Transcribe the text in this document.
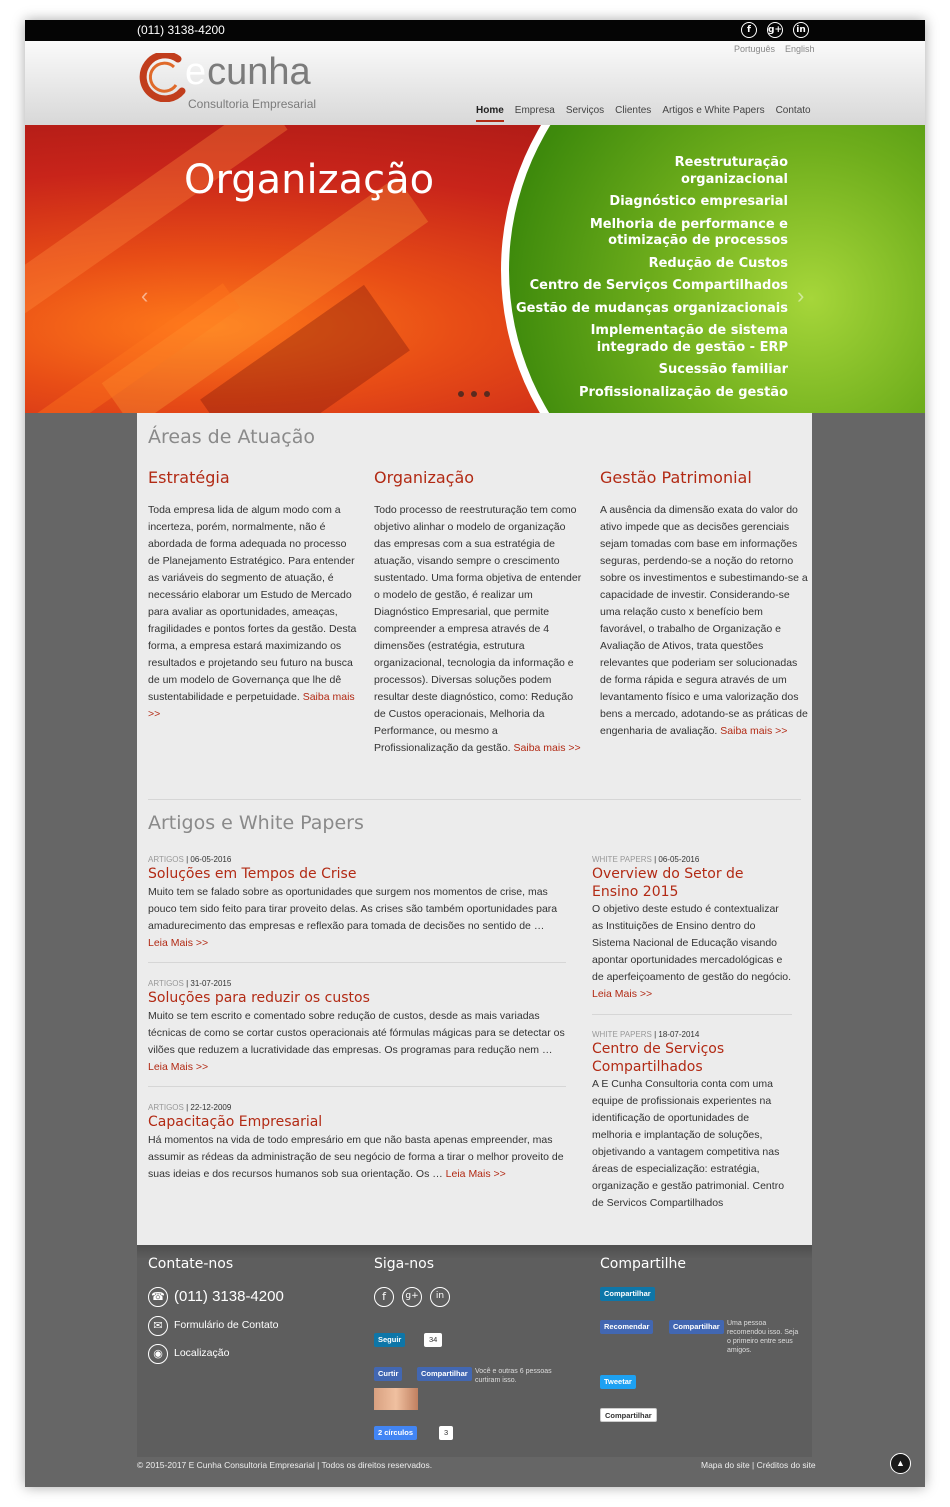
(011) 3138-4200	f	g+	in
Português English
ecunha
Consultoria Empresarial	Home Empresa Serviços Clientes Artigos e White Papers Contato
Organização	Reestruturação organizacional
Diagnóstico empresarial
Melhoria de performance e otimização de processos
Redução de Custos
Centro de Serviços Compartilhados
Gestão de mudanças organizacionais
Implementação de sistema integrado de gestão - ERP
Sucessão familiar
Profissionalização de gestão
‹	›
Áreas de Atuação
Estratégia

Toda empresa lida de algum modo com a incerteza, porém, normalmente, não é abordada de forma adequada no processo de Planejamento Estratégico. Para entender as variáveis do segmento de atuação, é necessário elaborar um Estudo de Mercado para avaliar as oportunidades, ameaças, fragilidades e pontos fortes da gestão. Desta forma, a empresa estará maximizando os resultados e projetando seu futuro na busca de um modelo de Governança que lhe dê sustentabilidade e perpetuidade. Saiba mais >>

Organização

Todo processo de reestruturação tem como objetivo alinhar o modelo de organização das empresas com a sua estratégia de atuação, visando sempre o crescimento sustentado. Uma forma objetiva de entender o modelo de gestão, é realizar um Diagnóstico Empresarial, que permite compreender a empresa através de 4 dimensões (estratégia, estrutura organizacional, tecnologia da informação e processos). Diversas soluções podem resultar deste diagnóstico, como: Redução de Custos operacionais, Melhoria da Performance, ou mesmo a Profissionalização da gestão. Saiba mais >>

Gestão Patrimonial

A ausência da dimensão exata do valor do ativo impede que as decisões gerenciais sejam tomadas com base em informações seguras, perdendo-se a noção do retorno sobre os investimentos e subestimando-se a capacidade de investir. Considerando-se uma relação custo x benefício bem favorável, o trabalho de Organização e Avaliação de Ativos, trata questões relevantes que poderiam ser solucionadas de forma rápida e segura através de um levantamento físico e uma valorização dos bens a mercado, adotando-se as práticas de engenharia de avaliação. Saiba mais >>

Artigos e White Papers
ARTIGOS | 06-05-2016
Soluções em Tempos de Crise

Muito tem se falado sobre as oportunidades que surgem nos momentos de crise, mas pouco tem sido feito para tirar proveito delas. As crises são também oportunidades para amadurecimento das empresas e reflexão para tomada de decisões no sentido de … Leia Mais >>

ARTIGOS | 31-07-2015
Soluções para reduzir os custos

Muito se tem escrito e comentado sobre redução de custos, desde as mais variadas técnicas de como se cortar custos operacionais até fórmulas mágicas para se detectar os vilões que reduzem a lucratividade das empresas. Os programas para redução nem … Leia Mais >>

ARTIGOS | 22-12-2009
Capacitação Empresarial

Há momentos na vida de todo empresário em que não basta apenas empreender, mas assumir as rédeas da administração de seu negócio de forma a tirar o melhor proveito de suas ideias e dos recursos humanos sob sua orientação. Os … Leia Mais >>

WHITE PAPERS | 06-05-2016
Overview do Setor de Ensino 2015

O objetivo deste estudo é contextualizar as Instituições de Ensino dentro do Sistema Nacional de Educação visando apontar oportunidades mercadológicas e de aperfeiçoamento de gestão do negócio.
Leia Mais >>

WHITE PAPERS | 18-07-2014
Centro de Serviços Compartilhados

A E Cunha Consultoria conta com uma equipe de profissionais experientes na identificação de oportunidades de melhoria e implantação de soluções, objetivando a vantagem competitiva nas áreas de especialização: estratégia, organização e gestão patrimonial. Centro de Servicos Compartilhados

Contate-nos
☎ (011) 3138-4200
✉	Formulário de Contato
◉	Localização
Siga-nos
f	g+	in
Seguir	34
Curtir	Compartilhar	Você e outras 6 pessoas curtiram isso.
2 círculos	3
Compartilhe
Compartilhar
Recomendar	Compartilhar	Uma pessoa recomendou isso. Seja o primeiro entre seus amigos.
Tweetar
Compartilhar
© 2015-2017 E Cunha Consultoria Empresarial | Todos os direitos reservados.	Mapa do site | Créditos do site	▲
